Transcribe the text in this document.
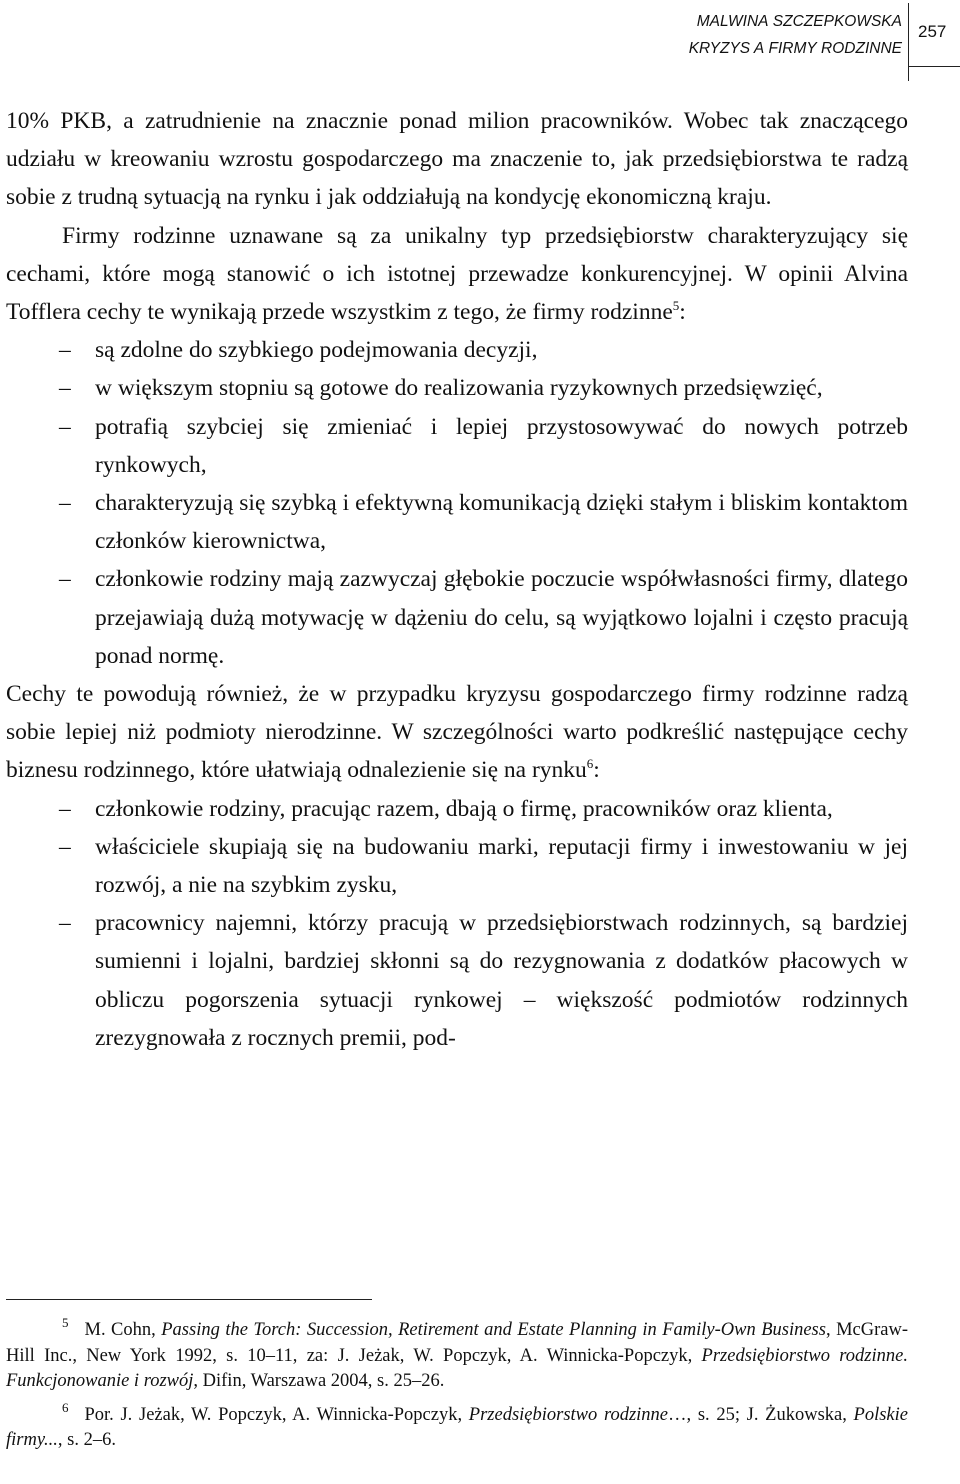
MALWINA SZCZEPKOWSKA
KRYZYS A FIRMY RODZINNE
257

10% PKB, a zatrudnienie na znacznie ponad milion pracowników. Wobec tak znaczącego udziału w kreowaniu wzrostu gospodarczego ma znaczenie to, jak przedsiębiorstwa te radzą sobie z trudną sytuacją na rynku i jak oddziałują na kondycję ekonomiczną kraju.

Firmy rodzinne uznawane są za unikalny typ przedsiębiorstw charakteryzujący się cechami, które mogą stanowić o ich istotnej przewadze konkurencyjnej. W opinii Alvina Tofflera cechy te wynikają przede wszystkim z tego, że firmy rodzinne$^5$:

– są zdolne do szybkiego podejmowania decyzji,
– w większym stopniu są gotowe do realizowania ryzykownych przedsięwzięć,
– potrafią szybciej się zmieniać i lepiej przystosowywać do nowych potrzeb rynkowych,
– charakteryzują się szybką i efektywną komunikacją dzięki stałym i bliskim kontaktom członków kierownictwa,
– członkowie rodziny mają zazwyczaj głębokie poczucie współwłasności firmy, dlatego przejawiają dużą motywację w dążeniu do celu, są wyjątkowo lojalni i często pracują ponad normę.

Cechy te powodują również, że w przypadku kryzysu gospodarczego firmy rodzinne radzą sobie lepiej niż podmioty nierodzinne. W szczególności warto podkreślić następujące cechy biznesu rodzinnego, które ułatwiają odnalezienie się na rynku$^6$:

– członkowie rodziny, pracując razem, dbają o firmę, pracowników oraz klienta,
– właściciele skupiają się na budowaniu marki, reputacji firmy i inwestowaniu w jej rozwój, a nie na szybkim zysku,
– pracownicy najemni, którzy pracują w przedsiębiorstwach rodzinnych, są bardziej sumienni i lojalni, bardziej skłonni są do rezygnowania z dodatków płacowych w obliczu pogorszenia sytuacji rynkowej – większość podmiotów rodzinnych zrezygnowała z rocznych premii, pod-

$^5$ M. Cohn, Passing the Torch: Succession, Retirement and Estate Planning in Family-Own Business, McGraw-Hill Inc., New York 1992, s. 10–11, za: J. Jeżak, W. Popczyk, A. Winnicka-Popczyk, Przedsiębiorstwo rodzinne. Funkcjonowanie i rozwój, Difin, Warszawa 2004, s. 25–26.

$^6$ Por. J. Jeżak, W. Popczyk, A. Winnicka-Popczyk, Przedsiębiorstwo rodzinne…, s. 25; J. Żukowska, Polskie firmy..., s. 2–6.
